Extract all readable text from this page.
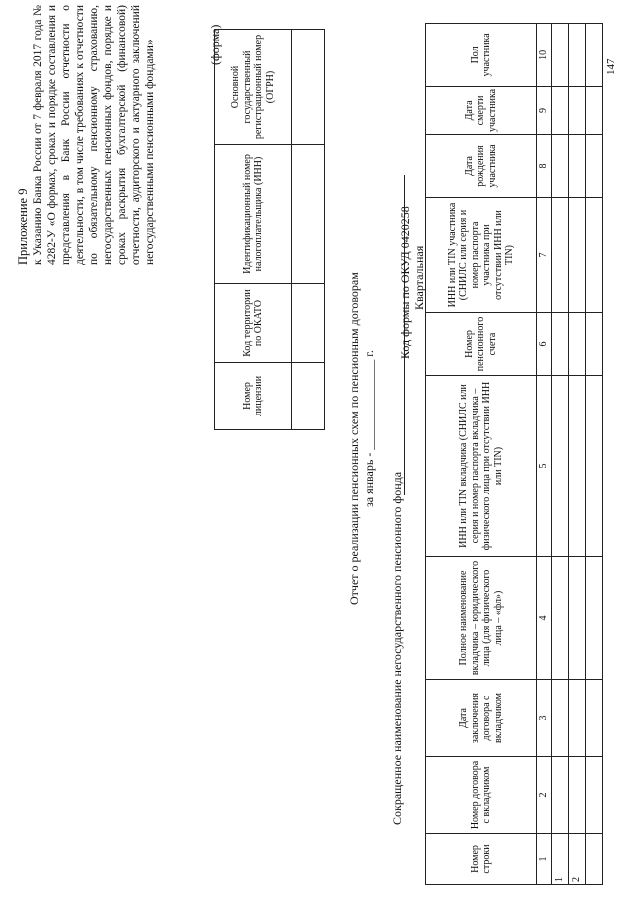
Приложение 9 к Указанию Банка России от 7 февраля 2017 года № 4282-У «О формах, сроках и порядке составления и представления в Банк России отчетности о деятельности, в том числе требованиях к отчетности по обязательному пенсионному страхованию, негосударственных пенсионных фондов, порядке и сроках раскрытия бухгалтерской (финансовой) отчетности, аудиторского и актуарного заключений негосударственными пенсионными фондами»	(форма)
Номер лицензии	Код территории по ОКАТО	Идентификационный номер налогоплательщика (ИНН)	Основной государственный регистрационный номер (ОГРН)

Отчет о реализации пенсионных схем по пенсионным договорам за январь - _______________ г.
Сокращенное наименование негосударственного пенсионного фонда
Код формы по ОКУД 0420258 Квартальная
Номер строки	Номер договора с вкладчиком	Дата заключения договора с вкладчиком	Полное наименование вкладчика – юридического лица (для физического лица – «фл»)	ИНН или TIN вкладчика (СНИЛС или серия и номер паспорта вкладчика – физического лица при отсутствии ИНН или TIN)	Номер пенсионного счета	ИНН или TIN участника (СНИЛС или серия и номер паспорта участника при отсутствии ИНН или TIN)	Дата рождения участника	Дата смерти участника	Пол участника
1	2	3	4	5	6	7	8	9	10
1									
2									

147
